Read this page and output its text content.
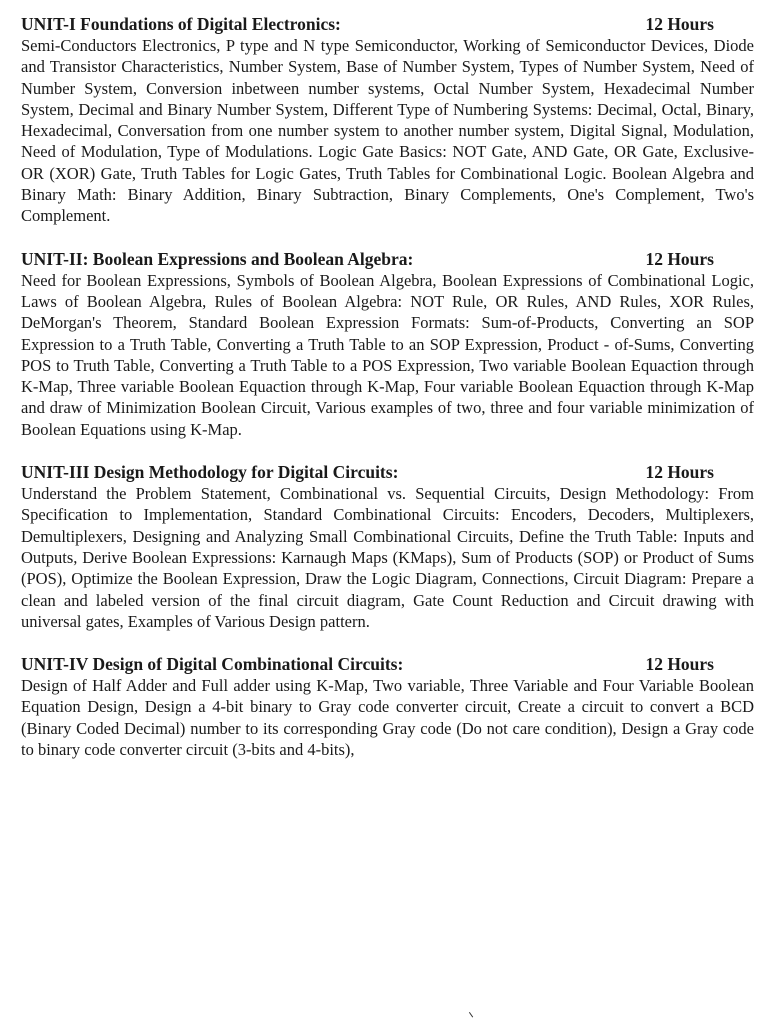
UNIT-I Foundations of Digital Electronics:	12 Hours
Semi-Conductors Electronics, P type and N type Semiconductor, Working of Semiconductor Devices, Diode and Transistor Characteristics, Number System, Base of Number System, Types of Number System, Need of Number System, Conversion inbetween number systems, Octal Number System, Hexadecimal Number System, Decimal and Binary Number System, Different Type of Numbering Systems: Decimal, Octal, Binary, Hexadecimal, Conversation from one number system to another number system, Digital Signal, Modulation, Need of Modulation, Type of Modulations. Logic Gate Basics: NOT Gate, AND Gate, OR Gate, Exclusive-OR (XOR) Gate, Truth Tables for Logic Gates, Truth Tables for Combinational Logic. Boolean Algebra and Binary Math: Binary Addition, Binary Subtraction, Binary Complements, One's Complement, Two's Complement.
UNIT-II: Boolean Expressions and Boolean Algebra:	12 Hours
Need for Boolean Expressions, Symbols of Boolean Algebra, Boolean Expressions of Combinational Logic, Laws of Boolean Algebra, Rules of Boolean Algebra: NOT Rule, OR Rules, AND Rules, XOR Rules, DeMorgan's Theorem, Standard Boolean Expression Formats: Sum-of-Products, Converting an SOP Expression to a Truth Table, Converting a Truth Table to an SOP Expression, Product - of-Sums, Converting POS to Truth Table, Converting a Truth Table to a POS Expression, Two variable Boolean Equaction through K-Map, Three variable Boolean Equaction through K-Map, Four variable Boolean Equaction through K-Map and draw of Minimization Boolean Circuit, Various examples of two, three and four variable minimization of Boolean Equations using K-Map.
UNIT-III Design Methodology for Digital Circuits:	12 Hours
Understand the Problem Statement, Combinational vs. Sequential Circuits, Design Methodology: From Specification to Implementation, Standard Combinational Circuits: Encoders, Decoders, Multiplexers, Demultiplexers, Designing and Analyzing Small Combinational Circuits, Define the Truth Table: Inputs and Outputs, Derive Boolean Expressions: Karnaugh Maps (KMaps), Sum of Products (SOP) or Product of Sums (POS), Optimize the Boolean Expression, Draw the Logic Diagram, Connections, Circuit Diagram: Prepare a clean and labeled version of the final circuit diagram, Gate Count Reduction and Circuit drawing with universal gates, Examples of Various Design pattern.
UNIT-IV Design of Digital Combinational Circuits:	12 Hours
Design of Half Adder and Full adder using K-Map, Two variable, Three Variable and Four Variable Boolean Equation Design, Design a 4-bit binary to Gray code converter circuit, Create a circuit to convert a BCD (Binary Coded Decimal) number to its corresponding Gray code (Do not care condition), Design a Gray code to binary code converter circuit (3-bits and 4-bits),
